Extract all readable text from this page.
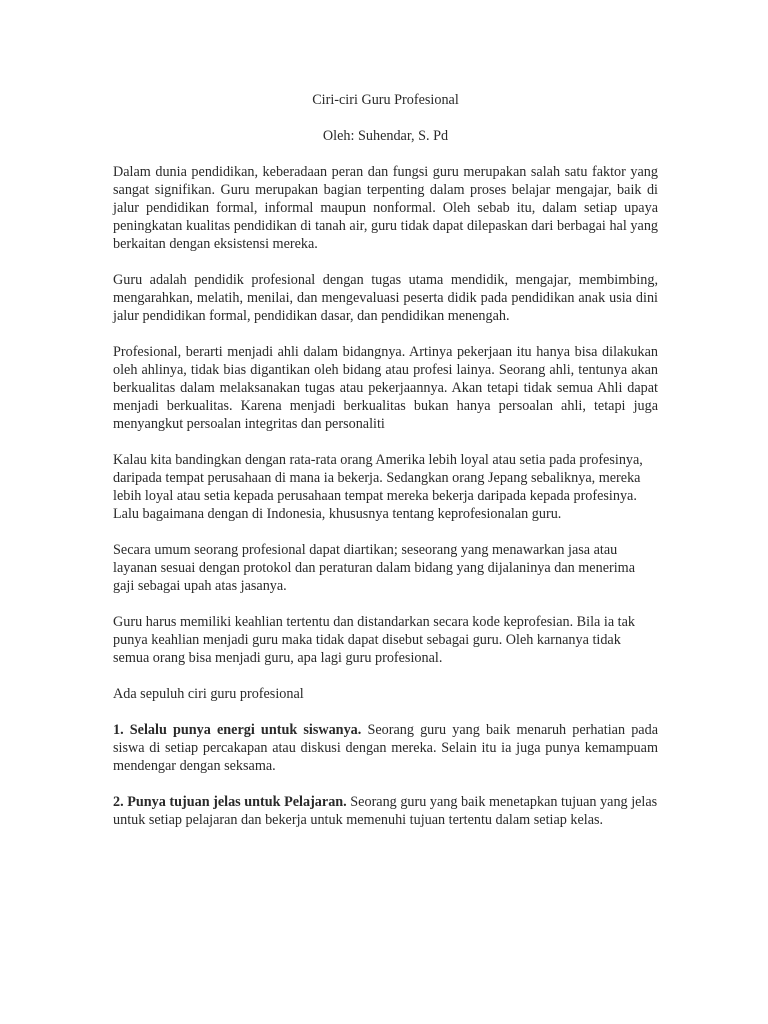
Ciri-ciri Guru Profesional

Oleh: Suhendar, S. Pd

Dalam dunia pendidikan, keberadaan peran dan fungsi guru merupakan salah satu faktor yang sangat signifikan. Guru merupakan bagian terpenting dalam proses belajar mengajar, baik di jalur pendidikan formal, informal maupun nonformal. Oleh sebab itu, dalam setiap upaya peningkatan kualitas pendidikan di tanah air, guru tidak dapat dilepaskan dari berbagai hal yang berkaitan dengan eksistensi mereka.

Guru adalah pendidik profesional dengan tugas utama mendidik, mengajar, membimbing, mengarahkan, melatih, menilai, dan mengevaluasi peserta didik pada pendidikan anak usia dini jalur pendidikan formal, pendidikan dasar, dan pendidikan menengah.

Profesional, berarti menjadi ahli dalam bidangnya. Artinya pekerjaan itu hanya bisa dilakukan oleh ahlinya, tidak bias digantikan oleh bidang atau profesi lainya. Seorang ahli, tentunya akan berkualitas dalam melaksanakan tugas atau pekerjaannya. Akan tetapi tidak semua Ahli dapat menjadi berkualitas. Karena menjadi berkualitas bukan hanya persoalan ahli, tetapi juga menyangkut persoalan integritas dan personaliti

Kalau kita bandingkan dengan rata-rata orang Amerika lebih loyal atau setia pada profesinya, daripada tempat perusahaan di mana ia bekerja. Sedangkan orang Jepang sebaliknya, mereka lebih loyal atau setia kepada perusahaan tempat mereka bekerja daripada kepada profesinya. Lalu bagaimana dengan di Indonesia, khususnya tentang keprofesionalan guru.

Secara umum seorang profesional dapat diartikan; seseorang yang menawarkan jasa atau layanan sesuai dengan protokol dan peraturan dalam bidang yang dijalaninya dan menerima gaji sebagai upah atas jasanya.

Guru harus memiliki keahlian tertentu dan distandarkan secara kode keprofesian. Bila ia tak punya keahlian menjadi guru maka tidak dapat disebut sebagai guru. Oleh karnanya tidak semua orang bisa menjadi guru, apa lagi guru profesional.

Ada sepuluh ciri guru profesional

1. Selalu punya energi untuk siswanya. Seorang guru yang baik menaruh perhatian pada siswa di setiap percakapan atau diskusi dengan mereka. Selain itu ia juga punya kemampuam mendengar dengan seksama.

2. Punya tujuan jelas untuk Pelajaran. Seorang guru yang baik menetapkan tujuan yang jelas untuk setiap pelajaran dan bekerja untuk memenuhi tujuan tertentu dalam setiap kelas.
